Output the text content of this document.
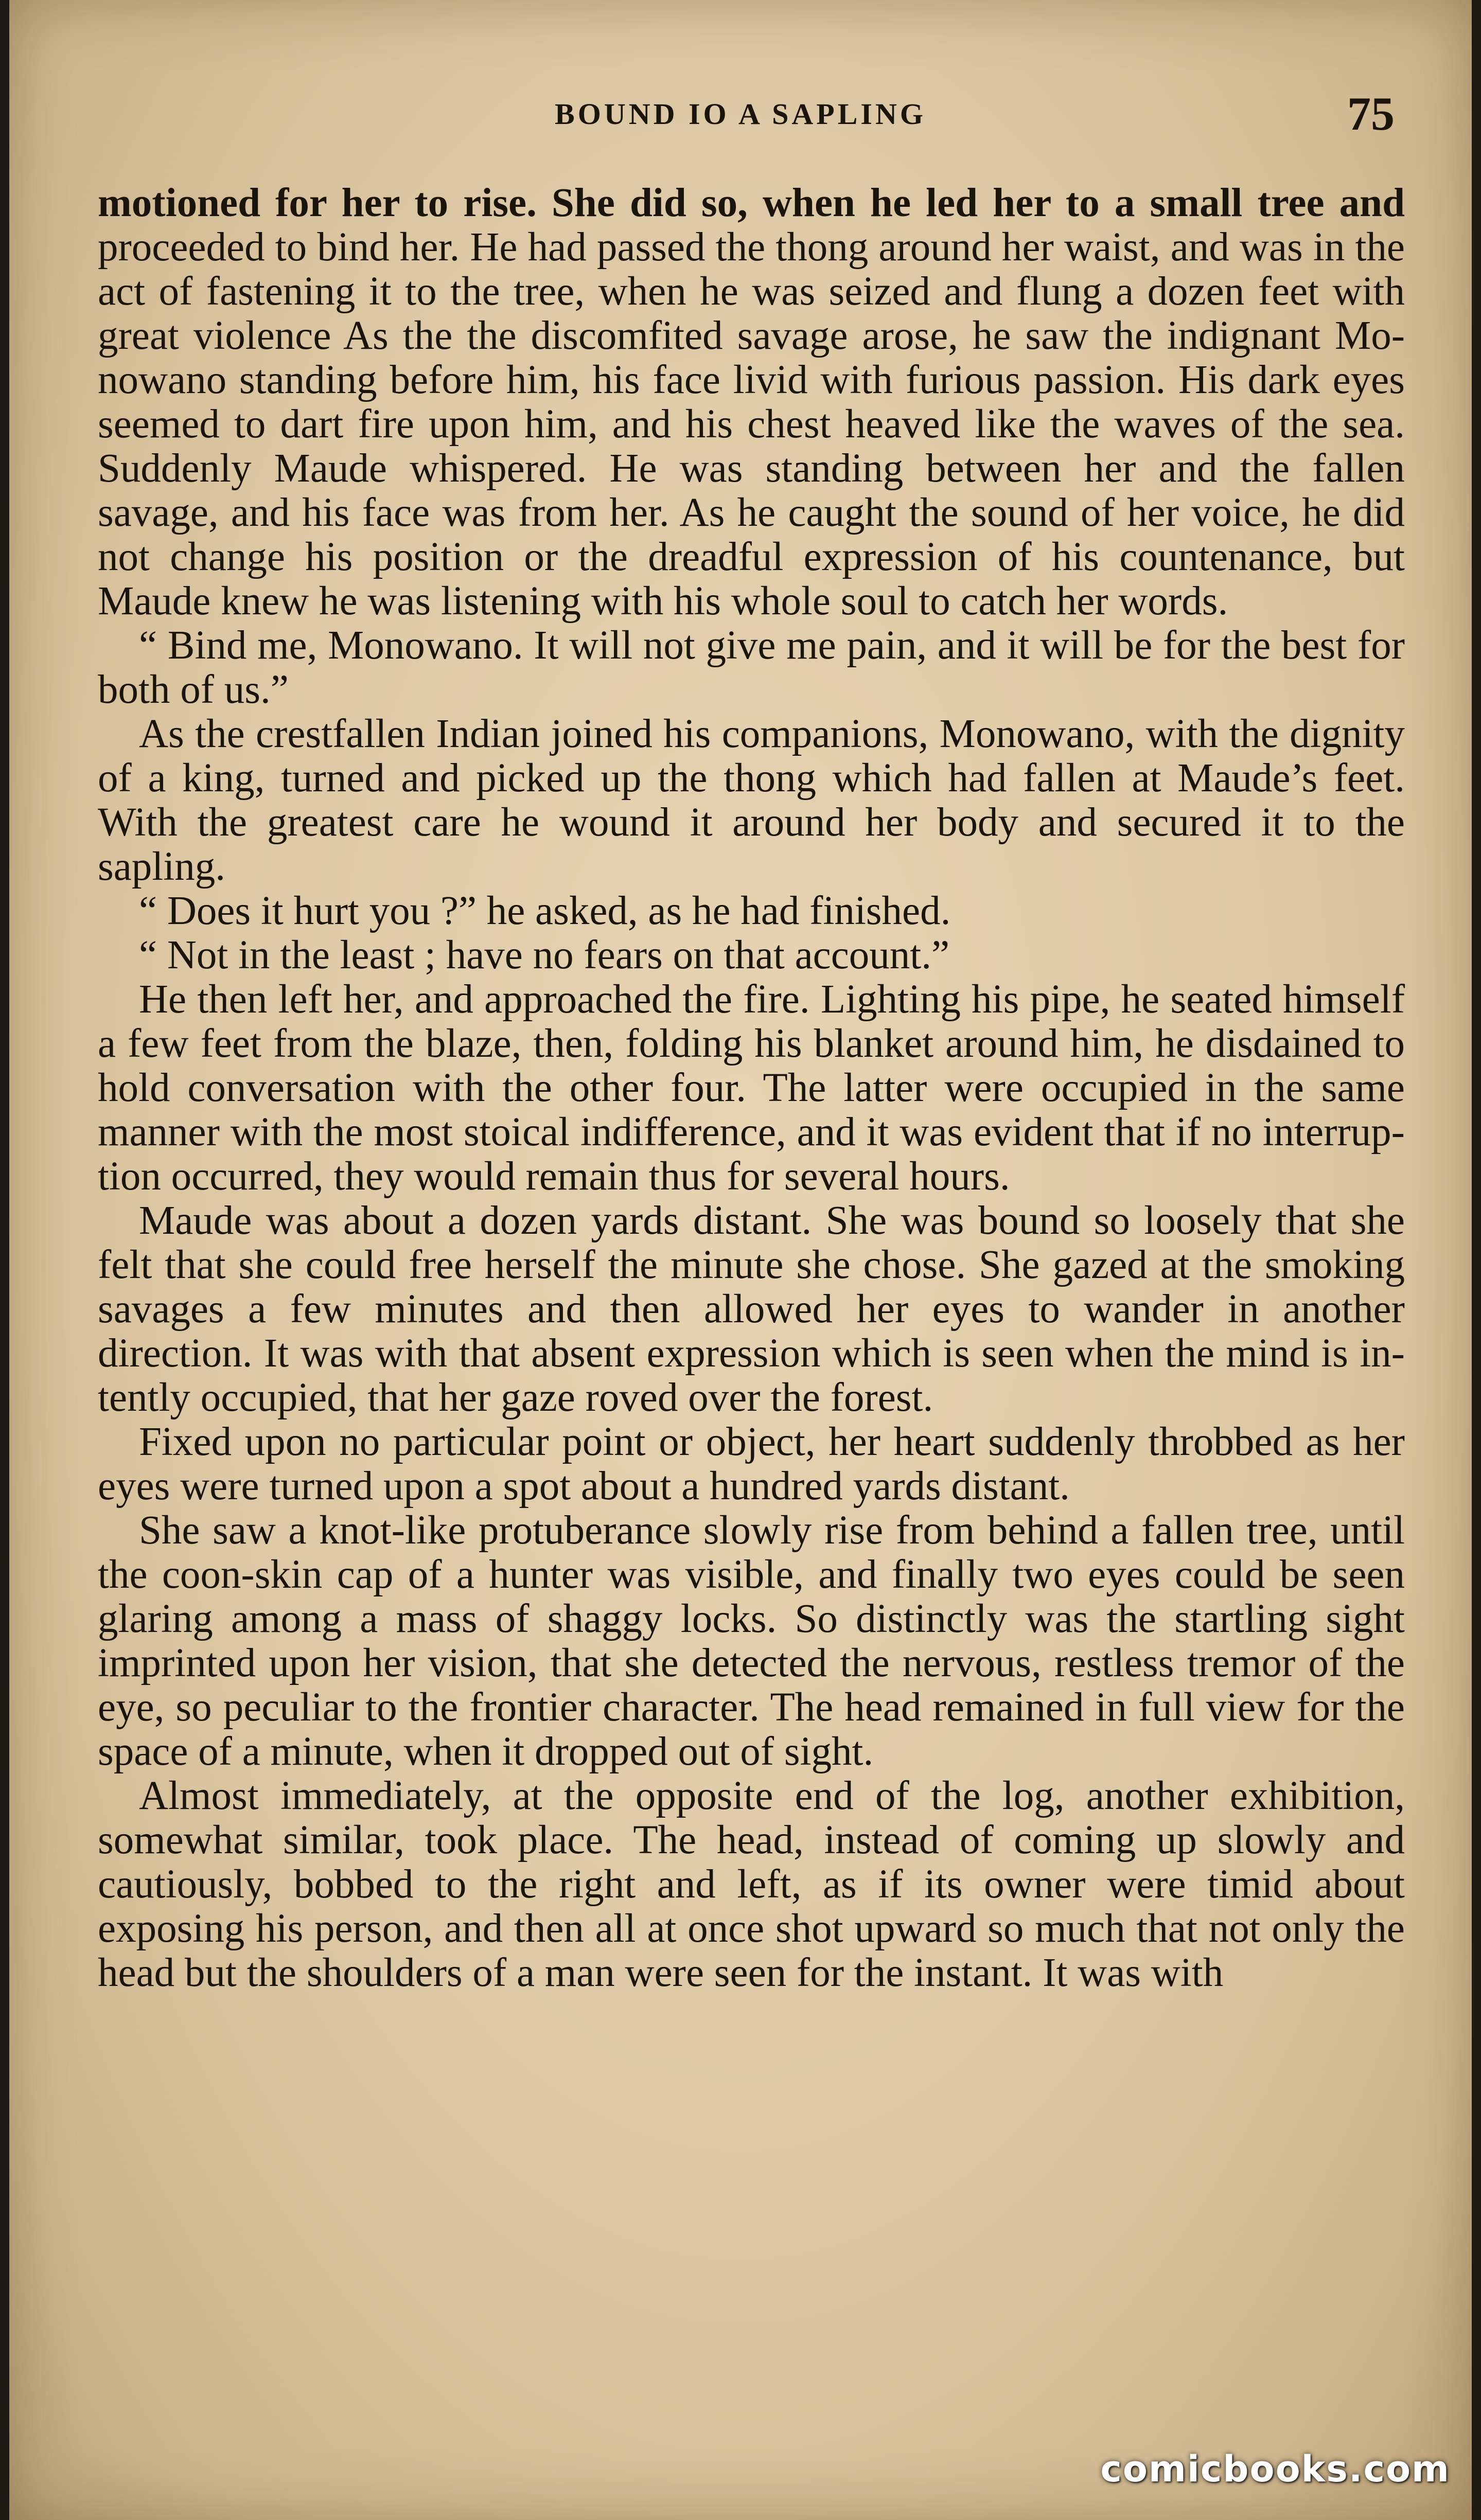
BOUND IO A SAPLING	75

motioned for her to rise. She did so, when he led her to a small tree and proceeded to bind her. He had passed the thong around her waist, and was in the act of fastening it to the tree, when he was seized and flung a dozen feet with great violence As the the discomfited savage arose, he saw the indignant Mo- nowano standing before him, his face livid with furious passion. His dark eyes seemed to dart fire upon him, and his chest heaved like the waves of the sea. Suddenly Maude whispered. He was standing between her and the fallen savage, and his face was from her. As he caught the sound of her voice, he did not change his position or the dreadful expression of his countenance, but Maude knew he was listening with his whole soul to catch her words.

“ Bind me, Monowano. It will not give me pain, and it will be for the best for both of us.”

As the crestfallen Indian joined his companions, Monowano, with the dignity of a king, turned and picked up the thong which had fallen at Maude’s feet. With the greatest care he wound it around her body and secured it to the sapling.

“ Does it hurt you ?” he asked, as he had finished.

“ Not in the least ; have no fears on that account.”

He then left her, and approached the fire. Lighting his pipe, he seated himself a few feet from the blaze, then, folding his blanket around him, he disdained to hold conversation with the other four. The latter were occupied in the same manner with the most stoical indifference, and it was evident that if no interrup- tion occurred, they would remain thus for several hours.

Maude was about a dozen yards distant. She was bound so loosely that she felt that she could free herself the minute she chose. She gazed at the smoking savages a few minutes and then allowed her eyes to wander in another direction. It was with that absent expression which is seen when the mind is in- tently occupied, that her gaze roved over the forest.

Fixed upon no particular point or object, her heart suddenly throbbed as her eyes were turned upon a spot about a hundred yards distant.

She saw a knot-like protuberance slowly rise from behind a fallen tree, until the coon-skin cap of a hunter was visible, and finally two eyes could be seen glaring among a mass of shaggy locks. So distinctly was the startling sight imprinted upon her vision, that she detected the nervous, restless tremor of the eye, so peculiar to the frontier character. The head remained in full view for the space of a minute, when it dropped out of sight.

Almost immediately, at the opposite end of the log, another exhibition, somewhat similar, took place. The head, instead of coming up slowly and cautiously, bobbed to the right and left, as if its owner were timid about exposing his person, and then all at once shot upward so much that not only the head but the shoulders of a man were seen for the instant. It was with

comicbooks.com
